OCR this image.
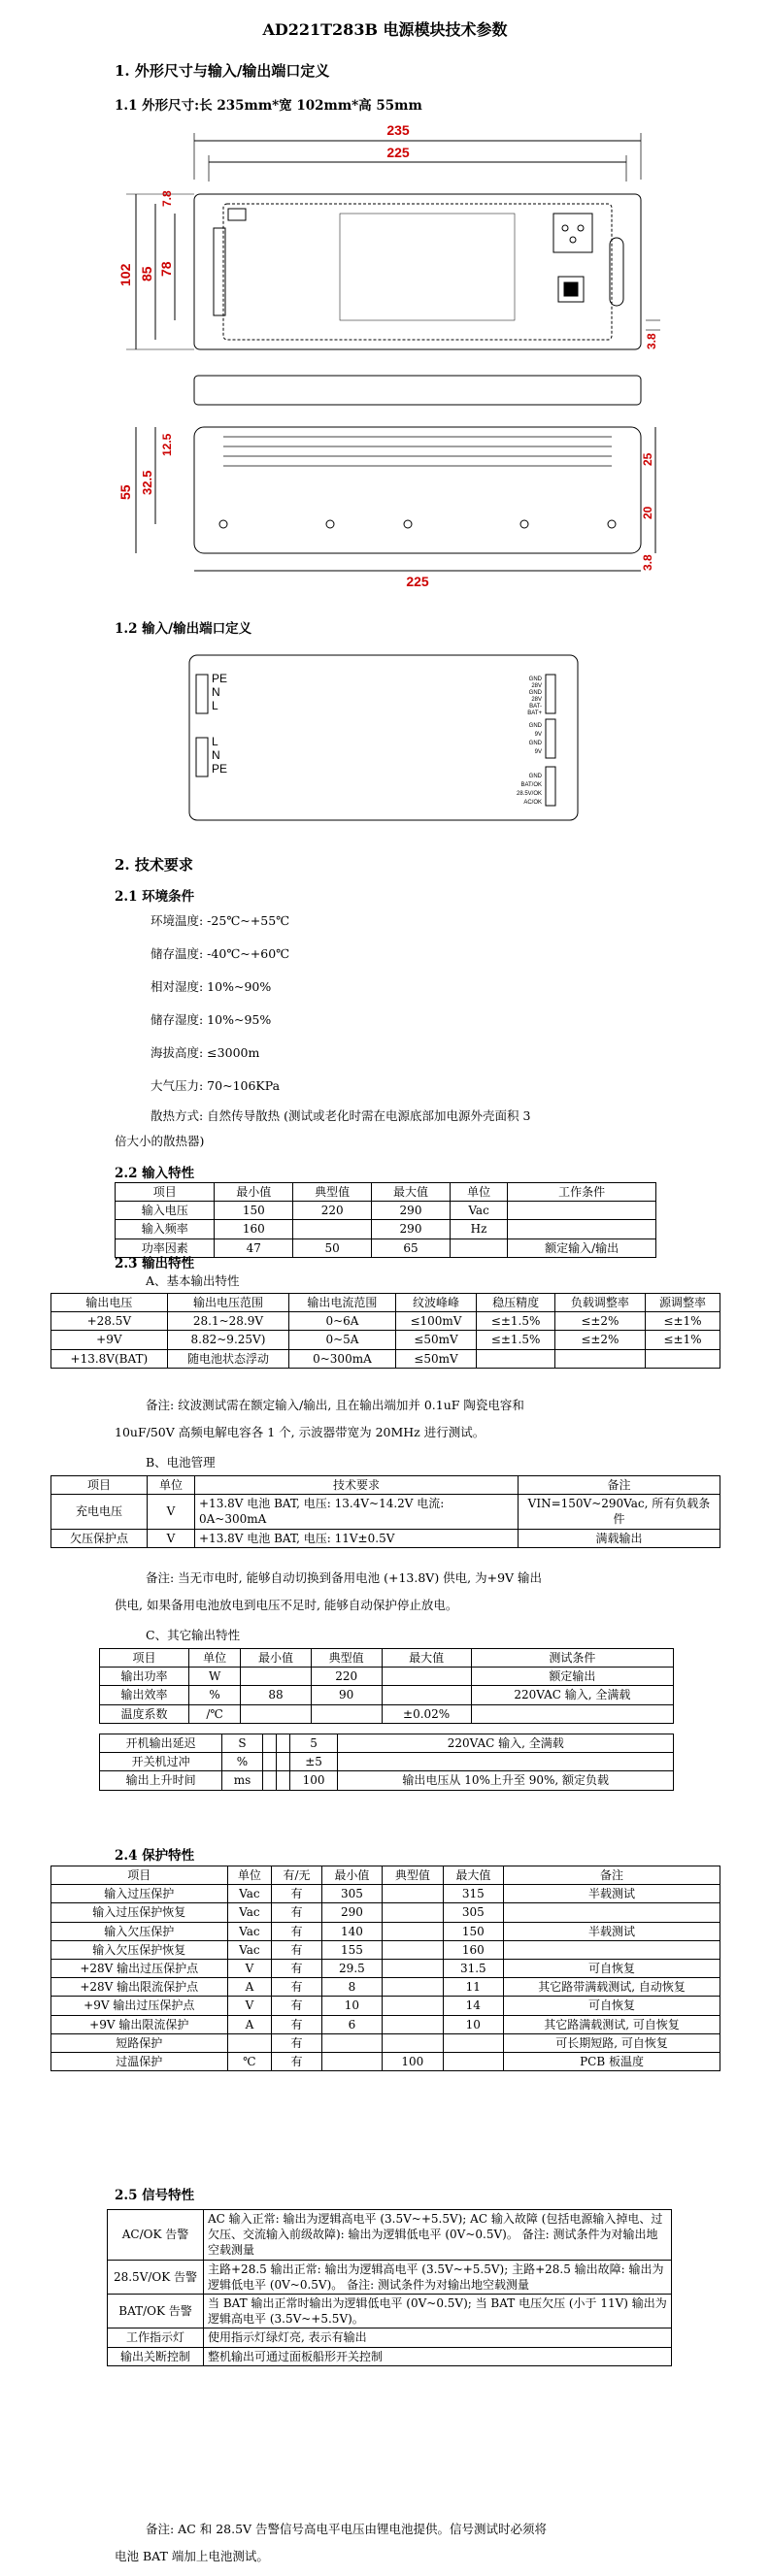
AD221T283B 电源模块技术参数
1. 外形尺寸与输入/输出端口定义
1.1 外形尺寸:长 235mm*宽 102mm*高 55mm
235
225
102 85 78
7.8
3.8
55 32.5
12.5
25
20
3.8
225
1.2 输入/输出端口定义
PE
N
L
L
N
PE
GND
28V
GND
28V
BAT-
BAT+
GND
9V
GND
9V
GND
BAT/OK
28.5V/OK
AC/OK
2. 技术要求
2.1 环境条件
环境温度: -25℃~+55℃
储存温度: -40℃~+60℃
相对湿度: 10%~90%
储存湿度: 10%~95%
海拔高度: ≤3000m
大气压力: 70~106KPa
散热方式: 自然传导散热 (测试或老化时需在电源底部加电源外壳面积 3
倍大小的散热器)
2.2 输入特性
项目	最小值	典型值	最大值	单位	工作条件
输入电压	150	220	290	Vac	
输入频率	160		290	Hz	
功率因素	47	50	65		额定输入/输出
2.3 输出特性
A、基本输出特性
输出电压	输出电压范围	输出电流范围	纹波峰峰	稳压精度	负载调整率	源调整率
+28.5V	28.1~28.9V	0~6A	≤100mV	≤±1.5%	≤±2%	≤±1%
+9V	8.82~9.25V)	0~5A	≤50mV	≤±1.5%	≤±2%	≤±1%
+13.8V(BAT)	随电池状态浮动	0~300mA	≤50mV			
备注: 纹波测试需在额定输入/输出, 且在输出端加并 0.1uF 陶瓷电容和
10uF/50V 高频电解电容各 1 个, 示波器带宽为 20MHz 进行测试。
B、电池管理
项目	单位	技术要求	备注
充电电压	V	+13.8V 电池 BAT, 电压: 13.4V~14.2V 电流: 0A~300mA	VIN=150V~290Vac, 所有负载条件
欠压保护点	V	+13.8V 电池 BAT, 电压: 11V±0.5V	满载输出
备注: 当无市电时, 能够自动切换到备用电池 (+13.8V) 供电, 为+9V 输出
供电, 如果备用电池放电到电压不足时, 能够自动保护停止放电。
C、其它输出特性
项目	单位	最小值	典型值	最大值	测试条件
输出功率	W		220		额定输出
输出效率	%	88	90		220VAC 输入, 全满载
温度系数	/℃			±0.02%	
开机输出延迟	S			5	220VAC 输入, 全满载
开关机过冲	%			±5	
输出上升时间	ms			100	输出电压从 10%上升至 90%, 额定负载
2.4 保护特性
项目	单位	有/无	最小值	典型值	最大值	备注
输入过压保护	Vac	有	305		315	半载测试
输入过压保护恢复	Vac	有	290		305	
输入欠压保护	Vac	有	140		150	半载测试
输入欠压保护恢复	Vac	有	155		160	
+28V 输出过压保护点	V	有	29.5		31.5	可自恢复
+28V 输出限流保护点	A	有	8		11	其它路带满载测试, 自动恢复
+9V 输出过压保护点	V	有	10		14	可自恢复
+9V 输出限流保护	A	有	6		10	其它路满载测试, 可自恢复
短路保护		有				可长期短路, 可自恢复
过温保护	℃	有		100		PCB 板温度
2.5 信号特性
AC/OK 告警	AC 输入正常: 输出为逻辑高电平 (3.5V~+5.5V); AC 输入故障 (包括电源输入掉电、过欠压、交流输入前级故障): 输出为逻辑低电平 (0V~0.5V)。 备注: 测试条件为对输出地空载测量
28.5V/OK 告警	主路+28.5 输出正常: 输出为逻辑高电平 (3.5V~+5.5V); 主路+28.5 输出故障: 输出为逻辑低电平 (0V~0.5V)。 备注: 测试条件为对输出地空载测量
BAT/OK 告警	当 BAT 输出正常时输出为逻辑低电平 (0V~0.5V); 当 BAT 电压欠压 (小于 11V) 输出为逻辑高电平 (3.5V~+5.5V)。
工作指示灯	使用指示灯绿灯亮, 表示有输出
输出关断控制	整机输出可通过面板船形开关控制
备注: AC 和 28.5V 告警信号高电平电压由锂电池提供。信号测试时必须将
电池 BAT 端加上电池测试。
